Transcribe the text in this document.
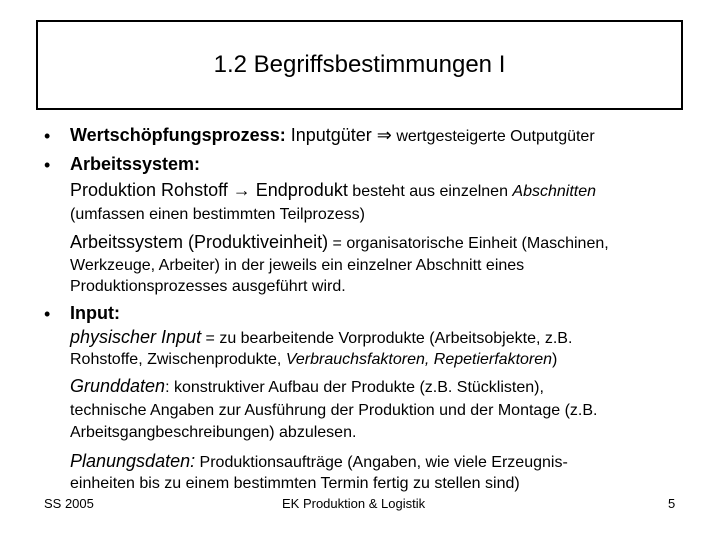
1.2 Begriffsbestimmungen I
• Wertschöpfungsprozess: Inputgüter ⇒ wertgesteigerte Outputgüter
• Arbeitssystem:
Produktion Rohstoff → Endprodukt besteht aus einzelnen Abschnitten
(umfassen einen bestimmten Teilprozess)
Arbeitssystem (Produktiveinheit) = organisatorische Einheit (Maschinen,
Werkzeuge, Arbeiter) in der jeweils ein einzelner Abschnitt eines
Produktionsprozesses ausgeführt wird.
• Input:
physischer Input = zu bearbeitende Vorprodukte (Arbeitsobjekte, z.B.
Rohstoffe, Zwischenprodukte, Verbrauchsfaktoren, Repetierfaktoren)
Grunddaten: konstruktiver Aufbau der Produkte (z.B. Stücklisten),
technische Angaben zur Ausführung der Produktion und der Montage (z.B.
Arbeitsgangbeschreibungen) abzulesen.
Planungsdaten: Produktionsaufträge (Angaben, wie viele Erzeugnis-
einheiten bis zu einem bestimmten Termin fertig zu stellen sind)
SS 2005	EK Produktion & Logistik	5
